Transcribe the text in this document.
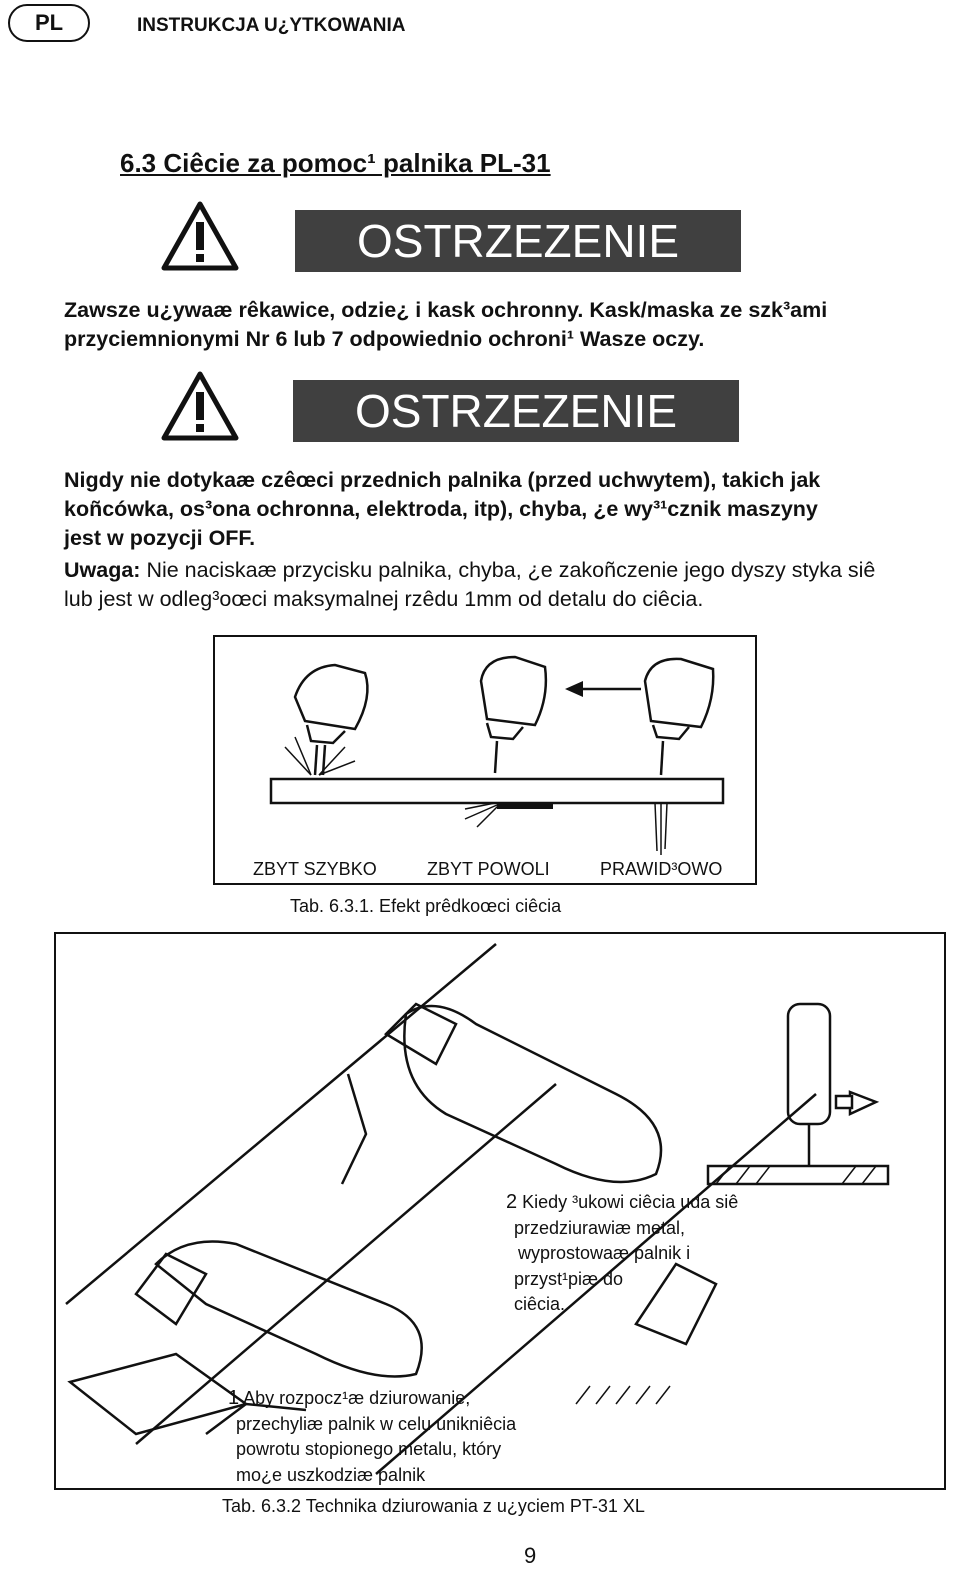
PL	INSTRUKCJA U¿YTKOWANIA
6.3 Ciêcie za pomoc¹ palnika PL-31
OSTRZEZENIE
Zawsze u¿ywaæ rêkawice, odzie¿ i kask ochronny. Kask/maska ze szk³ami
przyciemnionymi Nr 6 lub 7 odpowiednio ochroni¹ Wasze oczy.
OSTRZEZENIE
Nigdy nie dotykaæ czêœci przednich palnika (przed uchwytem), takich jak
koñcówka, os³ona ochronna, elektroda, itp), chyba, ¿e wy³¹cznik maszyny
jest w pozycji OFF.
Uwaga: Nie naciskaæ przycisku palnika, chyba, ¿e zakoñczenie jego dyszy styka siê
lub jest w odleg³oœci maksymalnej rzêdu 1mm od detalu do ciêcia.
ZBYT SZYBKO	ZBYT POWOLI	PRAWID³OWO
Tab. 6.3.1. Efekt prêdkoœci ciêcia
2 Kiedy ³ukowi ciêcia uda siê
przedziurawiæ metal,
wyprostowaæ palnik i
przyst¹piæ do
ciêcia.
1 Aby rozpocz¹æ dziurowanie,
przechyliæ palnik w celu unikniêcia
powrotu stopionego metalu, który
mo¿e uszkodziæ palnik
Tab. 6.3.2 Technika dziurowania z u¿yciem PT-31 XL
9
